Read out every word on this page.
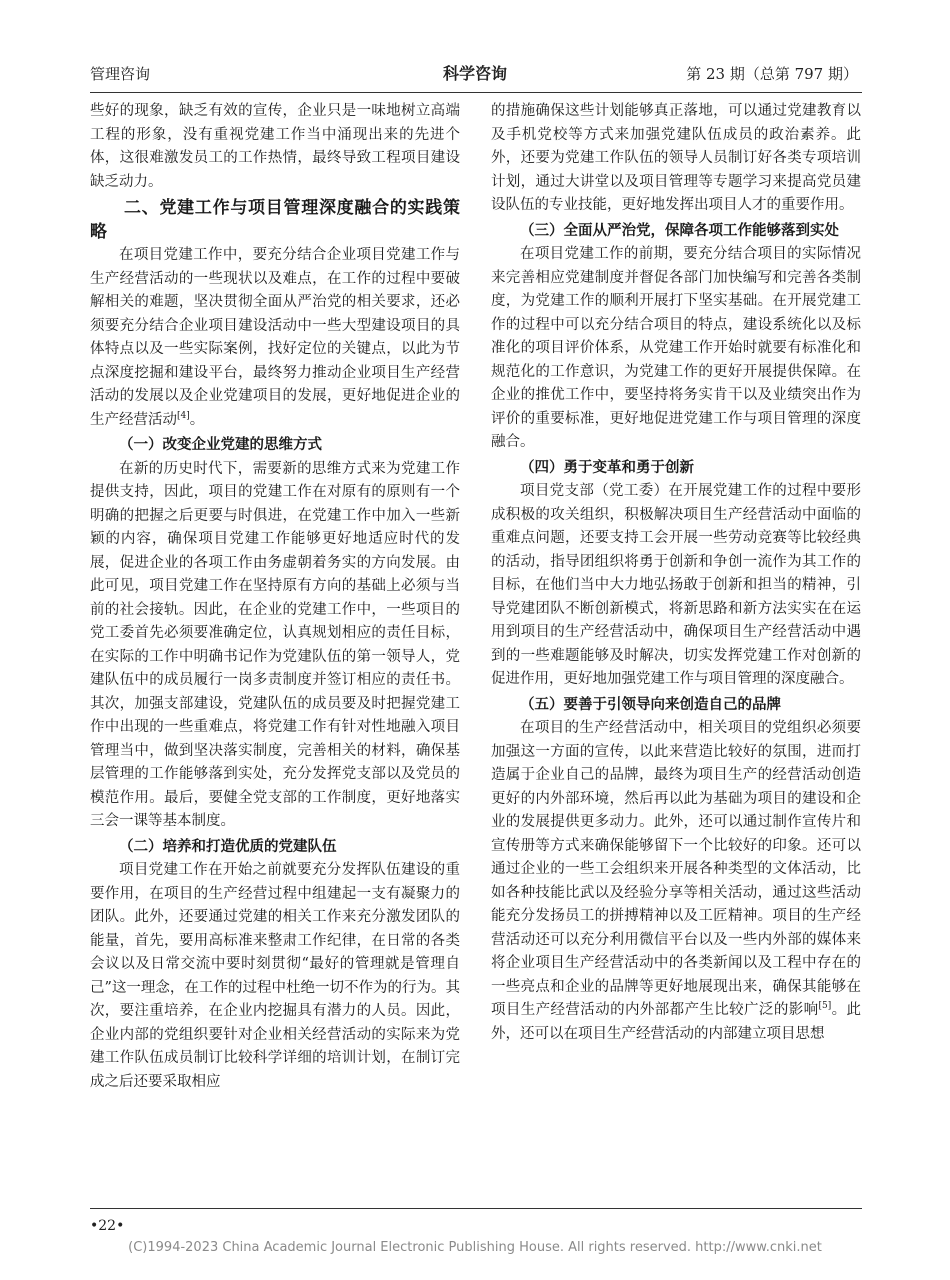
管理咨询	科学咨询	第 23 期（总第 797 期）

些好的现象，缺乏有效的宣传，企业只是一味地树立高端工程的形象，没有重视党建工作当中涌现出来的先进个体，这很难激发员工的工作热情，最终导致工程项目建设缺乏动力。

二、党建工作与项目管理深度融合的实践策略

在项目党建工作中，要充分结合企业项目党建工作与生产经营活动的一些现状以及难点，在工作的过程中要破解相关的难题，坚决贯彻全面从严治党的相关要求，还必须要充分结合企业项目建设活动中一些大型建设项目的具体特点以及一些实际案例，找好定位的关键点，以此为节点深度挖掘和建设平台，最终努力推动企业项目生产经营活动的发展以及企业党建项目的发展，更好地促进企业的生产经营活动[4]。

（一）改变企业党建的思维方式

在新的历史时代下，需要新的思维方式来为党建工作提供支持，因此，项目的党建工作在对原有的原则有一个明确的把握之后更要与时俱进，在党建工作中加入一些新颖的内容，确保项目党建工作能够更好地适应时代的发展，促进企业的各项工作由务虚朝着务实的方向发展。由此可见，项目党建工作在坚持原有方向的基础上必须与当前的社会接轨。因此，在企业的党建工作中，一些项目的党工委首先必须要准确定位，认真规划相应的责任目标，在实际的工作中明确书记作为党建队伍的第一领导人，党建队伍中的成员履行一岗多责制度并签订相应的责任书。其次，加强支部建设，党建队伍的成员要及时把握党建工作中出现的一些重难点，将党建工作有针对性地融入项目管理当中，做到坚决落实制度，完善相关的材料，确保基层管理的工作能够落到实处，充分发挥党支部以及党员的模范作用。最后，要健全党支部的工作制度，更好地落实三会一课等基本制度。

（二）培养和打造优质的党建队伍

项目党建工作在开始之前就要充分发挥队伍建设的重要作用，在项目的生产经营过程中组建起一支有凝聚力的团队。此外，还要通过党建的相关工作来充分激发团队的能量，首先，要用高标准来整肃工作纪律，在日常的各类会议以及日常交流中要时刻贯彻“最好的管理就是管理自己”这一理念，在工作的过程中杜绝一切不作为的行为。其次，要注重培养，在企业内挖掘具有潜力的人员。因此，企业内部的党组织要针对企业相关经营活动的实际来为党建工作队伍成员制订比较科学详细的培训计划，在制订完成之后还要采取相应

的措施确保这些计划能够真正落地，可以通过党建教育以及手机党校等方式来加强党建队伍成员的政治素养。此外，还要为党建工作队伍的领导人员制订好各类专项培训计划，通过大讲堂以及项目管理等专题学习来提高党员建设队伍的专业技能，更好地发挥出项目人才的重要作用。

（三）全面从严治党，保障各项工作能够落到实处

在项目党建工作的前期，要充分结合项目的实际情况来完善相应党建制度并督促各部门加快编写和完善各类制度，为党建工作的顺利开展打下坚实基础。在开展党建工作的过程中可以充分结合项目的特点，建设系统化以及标准化的项目评价体系，从党建工作开始时就要有标准化和规范化的工作意识，为党建工作的更好开展提供保障。在企业的推优工作中，要坚持将务实肯干以及业绩突出作为评价的重要标准，更好地促进党建工作与项目管理的深度融合。

（四）勇于变革和勇于创新

项目党支部（党工委）在开展党建工作的过程中要形成积极的攻关组织，积极解决项目生产经营活动中面临的重难点问题，还要支持工会开展一些劳动竞赛等比较经典的活动，指导团组织将勇于创新和争创一流作为其工作的目标，在他们当中大力地弘扬敢于创新和担当的精神，引导党建团队不断创新模式，将新思路和新方法实实在在运用到项目的生产经营活动中，确保项目生产经营活动中遇到的一些难题能够及时解决，切实发挥党建工作对创新的促进作用，更好地加强党建工作与项目管理的深度融合。

（五）要善于引领导向来创造自己的品牌

在项目的生产经营活动中，相关项目的党组织必须要加强这一方面的宣传，以此来营造比较好的氛围，进而打造属于企业自己的品牌，最终为项目生产的经营活动创造更好的内外部环境，然后再以此为基础为项目的建设和企业的发展提供更多动力。此外，还可以通过制作宣传片和宣传册等方式来确保能够留下一个比较好的印象。还可以通过企业的一些工会组织来开展各种类型的文体活动，比如各种技能比武以及经验分享等相关活动，通过这些活动能充分发扬员工的拼搏精神以及工匠精神。项目的生产经营活动还可以充分利用微信平台以及一些内外部的媒体来将企业项目生产经营活动中的各类新闻以及工程中存在的一些亮点和企业的品牌等更好地展现出来，确保其能够在项目生产经营活动的内外部都产生比较广泛的影响[5]。此外，还可以在项目生产经营活动的内部建立项目思想

•22•
(C)1994-2023 China Academic Journal Electronic Publishing House. All rights reserved. http://www.cnki.net
